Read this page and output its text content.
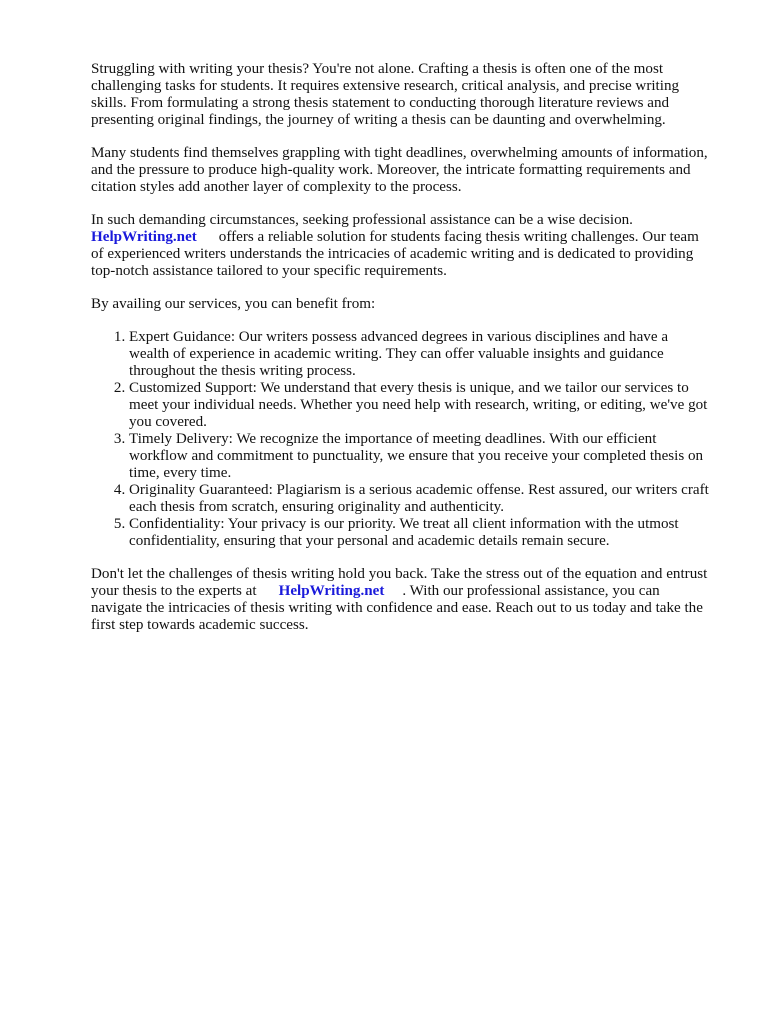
Struggling with writing your thesis? You're not alone. Crafting a thesis is often one of the most challenging tasks for students. It requires extensive research, critical analysis, and precise writing skills. From formulating a strong thesis statement to conducting thorough literature reviews and presenting original findings, the journey of writing a thesis can be daunting and overwhelming.

Many students find themselves grappling with tight deadlines, overwhelming amounts of information, and the pressure to produce high-quality work. Moreover, the intricate formatting requirements and citation styles add another layer of complexity to the process.

In such demanding circumstances, seeking professional assistance can be a wise decision.
HelpWriting.net offers a reliable solution for students facing thesis writing challenges. Our team of experienced writers understands the intricacies of academic writing and is dedicated to providing top-notch assistance tailored to your specific requirements.

By availing our services, you can benefit from:

1. Expert Guidance: Our writers possess advanced degrees in various disciplines and have a wealth of experience in academic writing. They can offer valuable insights and guidance throughout the thesis writing process.
2. Customized Support: We understand that every thesis is unique, and we tailor our services to meet your individual needs. Whether you need help with research, writing, or editing, we've got you covered.
3. Timely Delivery: We recognize the importance of meeting deadlines. With our efficient workflow and commitment to punctuality, we ensure that you receive your completed thesis on time, every time.
4. Originality Guaranteed: Plagiarism is a serious academic offense. Rest assured, our writers craft each thesis from scratch, ensuring originality and authenticity.
5. Confidentiality: Your privacy is our priority. We treat all client information with the utmost confidentiality, ensuring that your personal and academic details remain secure.

Don't let the challenges of thesis writing hold you back. Take the stress out of the equation and entrust your thesis to the experts at HelpWriting.net . With our professional assistance, you can navigate the intricacies of thesis writing with confidence and ease. Reach out to us today and take the first step towards academic success.
